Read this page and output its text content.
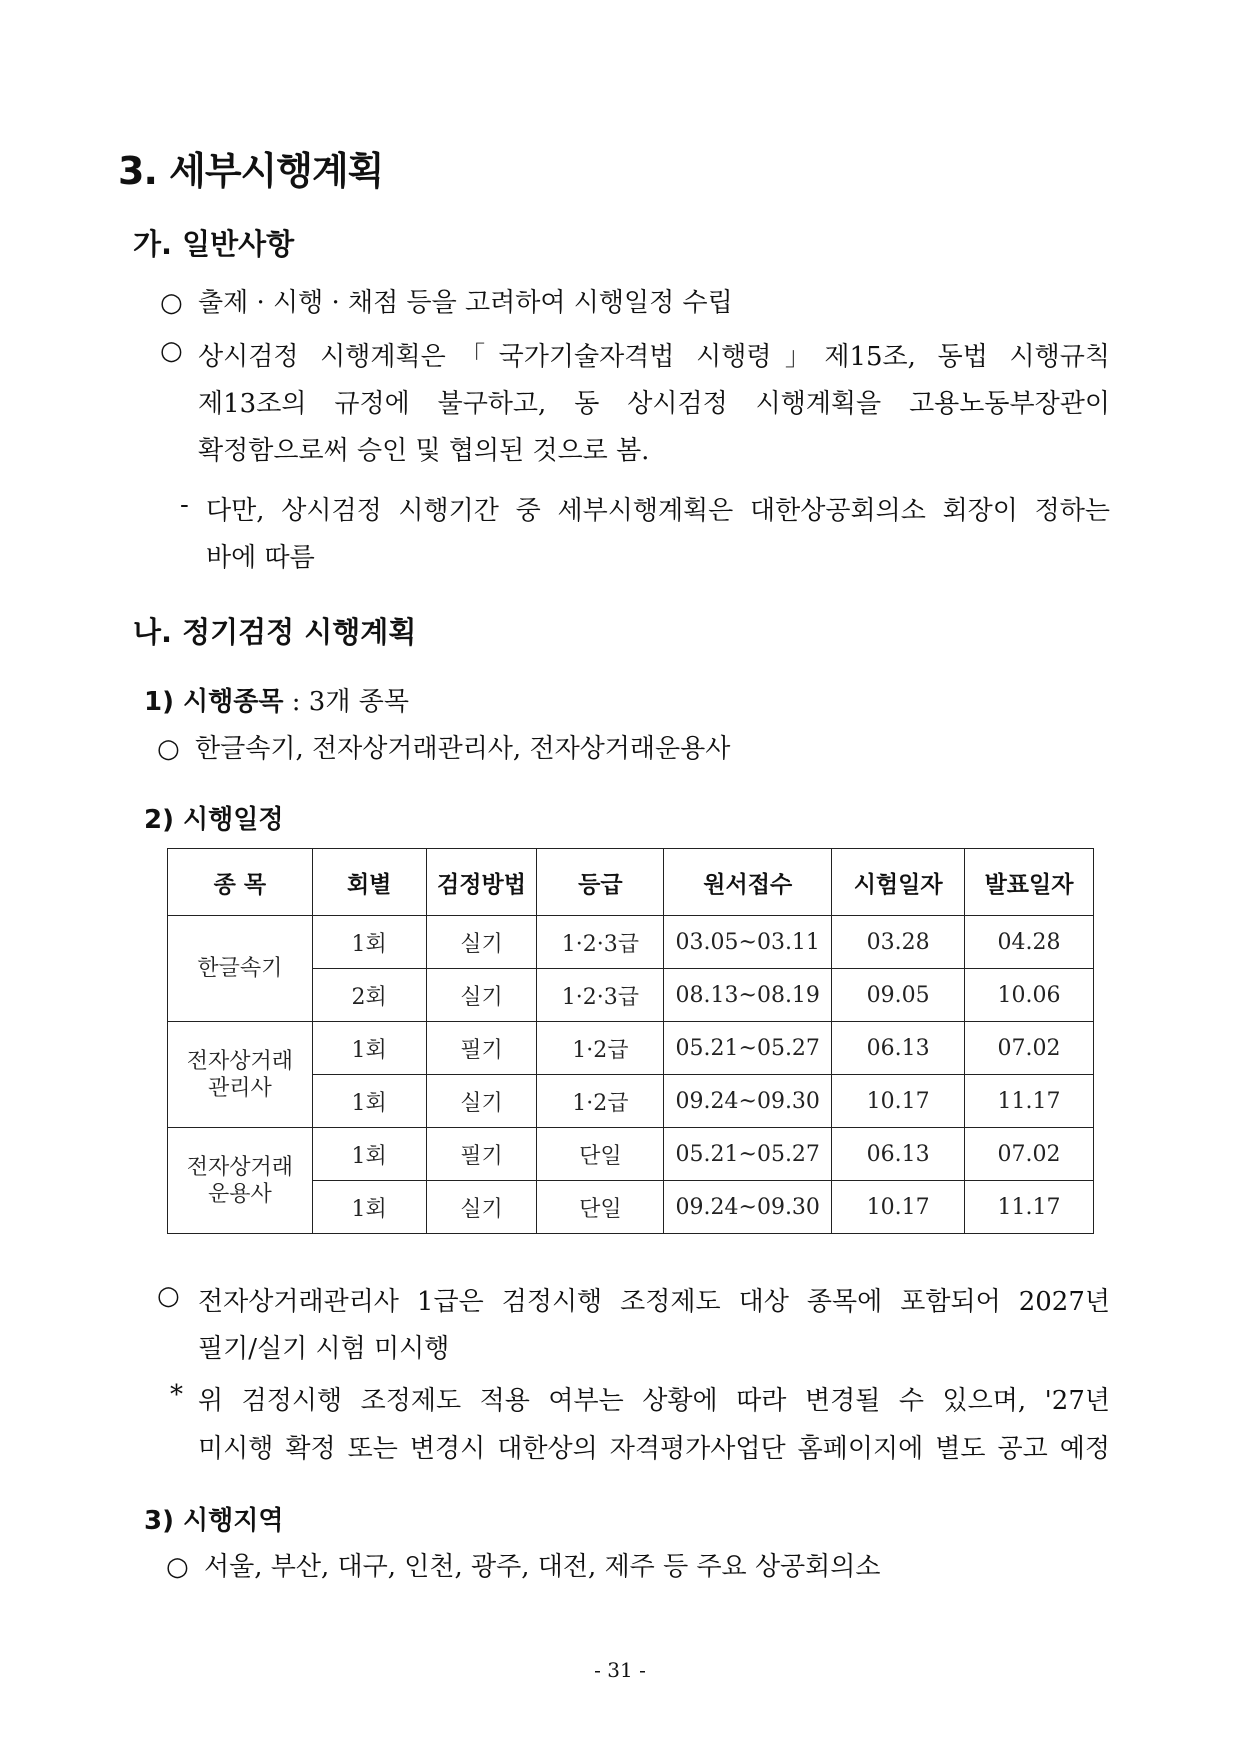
3. 세부시행계획
가. 일반사항
○ 출제 · 시행 · 채점 등을 고려하여 시행일정 수립
○ 상시검정 시행계획은「국가기술자격법 시행령」제15조, 동법 시행규칙
제13조의 규정에 불구하고, 동 상시검정 시행계획을 고용노동부장관이
확정함으로써 승인 및 협의된 것으로 봄.
- 다만, 상시검정 시행기간 중 세부시행계획은 대한상공회의소 회장이 정하는
바에 따름
나. 정기검정 시행계획
1) 시행종목 : 3개 종목
○ 한글속기, 전자상거래관리사, 전자상거래운용사
2) 시행일정
종 목	회별	검정방법	등급	원서접수	시험일자	발표일자
한글속기	1회	실기	1·2·3급	03.05~03.11	03.28	04.28
	2회	실기	1·2·3급	08.13~08.19	09.05	10.06
전자상거래
관리사	1회	필기	1·2급	05.21~05.27	06.13	07.02
	1회	실기	1·2급	09.24~09.30	10.17	11.17
전자상거래
운용사	1회	필기	단일	05.21~05.27	06.13	07.02
	1회	실기	단일	09.24~09.30	10.17	11.17
○ 전자상거래관리사 1급은 검정시행 조정제도 대상 종목에 포함되어 2027년
필기/실기 시험 미시행
* 위 검정시행 조정제도 적용 여부는 상황에 따라 변경될 수 있으며, '27년
미시행 확정 또는 변경시 대한상의 자격평가사업단 홈페이지에 별도 공고 예정
3) 시행지역
○ 서울, 부산, 대구, 인천, 광주, 대전, 제주 등 주요 상공회의소
- 31 -
